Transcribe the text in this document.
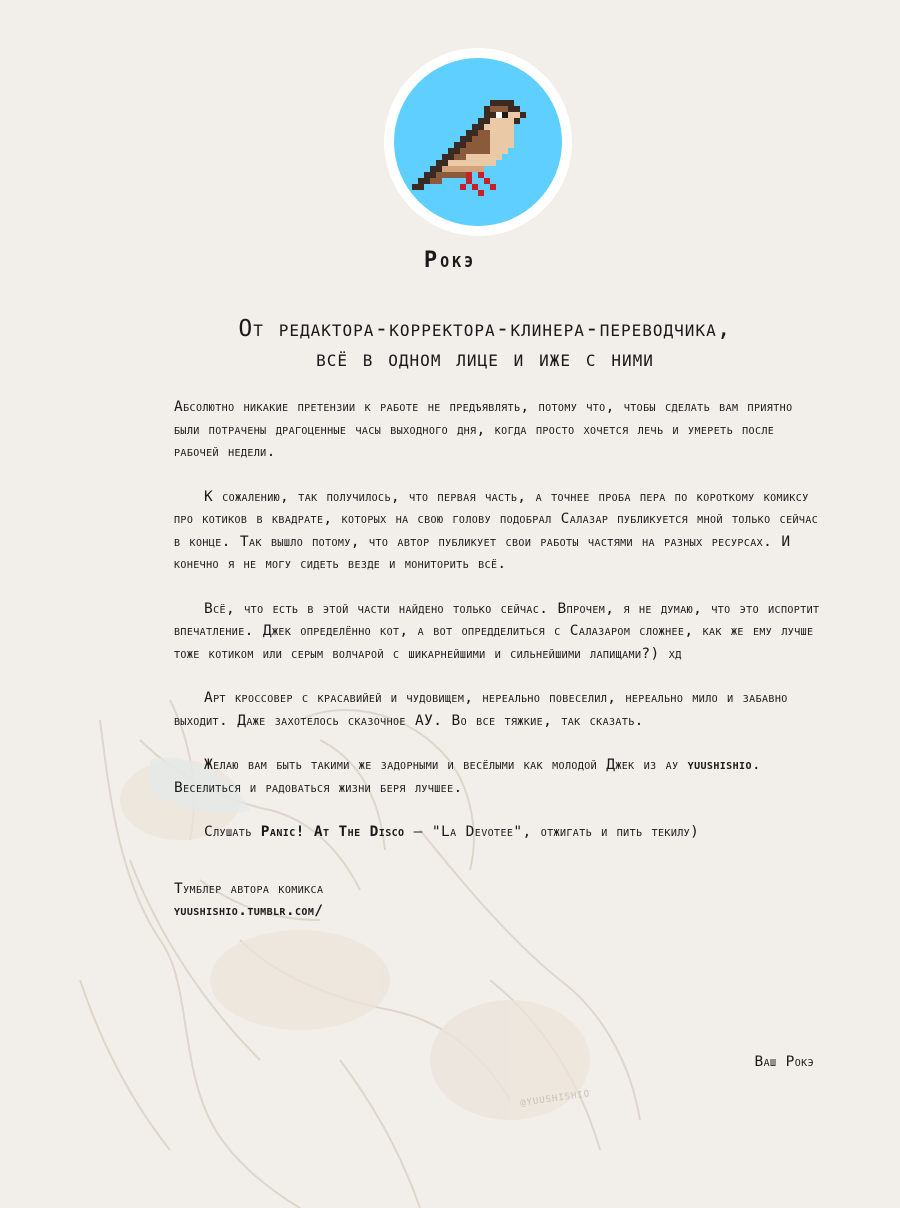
Рокэ
От редактора-корректора-клинера-переводчика,
всё в одном лице и иже с ними

Абсолютно никакие претензии к работе не предъявлять, потому что, чтобы сделать вам приятно были потрачены драгоценные часы выходного дня, когда просто хочется лечь и умереть после рабочей недели.

К сожалению, так получилось, что первая часть, а точнее проба пера по короткому комиксу про котиков в квадрате, которых на свою голову подобрал Салазар публикуется мной только сейчас в конце. Так вышло потому, что автор публикует свои работы частями на разных ресурсах. И конечно я не могу сидеть везде и мониторить всё.

Всё, что есть в этой части найдено только сейчас. Впрочем, я не думаю, что это испортит впечатление. Джек определённо кот, а вот опредделиться с Салазаром сложнее, как же ему лучше тоже котиком или серым волчарой с шикарнейшими и сильнейшими лапищами?) хд

Арт кроссовер с красавийей и чудовищем, нереально повеселил, нереально мило и забавно выходит. Даже захотелось сказочное АУ. Во все тяжкие, так сказать.

Желаю вам быть такими же задорными и весёлыми как молодой Джек из ау yuushishio. Веселиться и радоваться жизни беря лучшее.

Слушать Panic! At The Disco — "La Devotee", отжигать и пить текилу)

Тумблер автора комикса
yuushishio.tumblr.com/
Ваш Рокэ
@YUUSHISHIO
